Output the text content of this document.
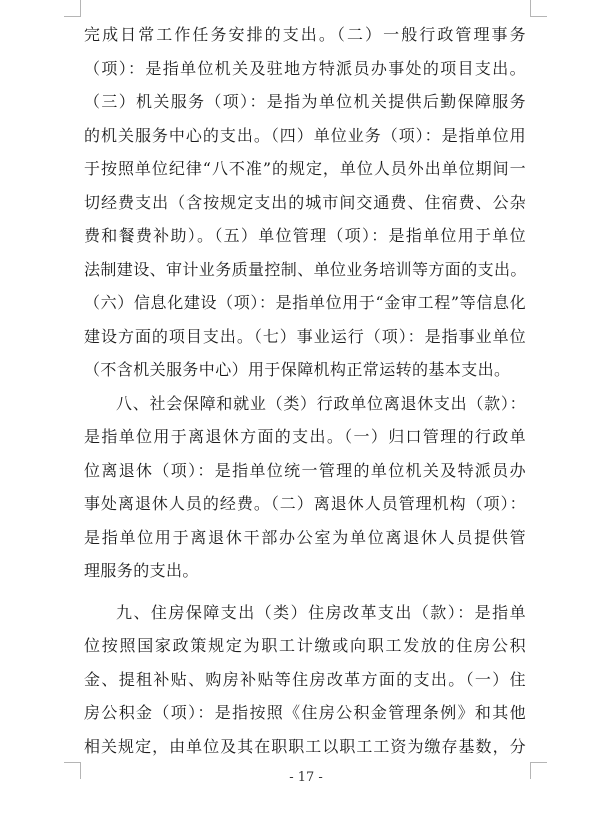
完成日常工作任务安排的支出。（二）一般行政管理事务
（项）：是指单位机关及驻地方特派员办事处的项目支出。
（三）机关服务（项）：是指为单位机关提供后勤保障服务
的机关服务中心的支出。（四）单位业务（项）：是指单位用
于按照单位纪律“八不准”的规定，单位人员外出单位期间一
切经费支出（含按规定支出的城市间交通费、住宿费、公杂
费和餐费补助）。（五）单位管理（项）：是指单位用于单位
法制建设、审计业务质量控制、单位业务培训等方面的支出。
（六）信息化建设（项）：是指单位用于“金审工程”等信息化
建设方面的项目支出。（七）事业运行（项）：是指事业单位
（不含机关服务中心）用于保障机构正常运转的基本支出。
八、社会保障和就业（类）行政单位离退休支出（款）：
是指单位用于离退休方面的支出。（一）归口管理的行政单
位离退休（项）：是指单位统一管理的单位机关及特派员办
事处离退休人员的经费。（二）离退休人员管理机构（项）：
是指单位用于离退休干部办公室为单位离退休人员提供管
理服务的支出。
九、住房保障支出（类）住房改革支出（款）：是指单
位按照国家政策规定为职工计缴或向职工发放的住房公积
金、提租补贴、购房补贴等住房改革方面的支出。（一）住
房公积金（项）：是指按照《住房公积金管理条例》和其他
相关规定，由单位及其在职职工以职工工资为缴存基数，分
- 17 -
